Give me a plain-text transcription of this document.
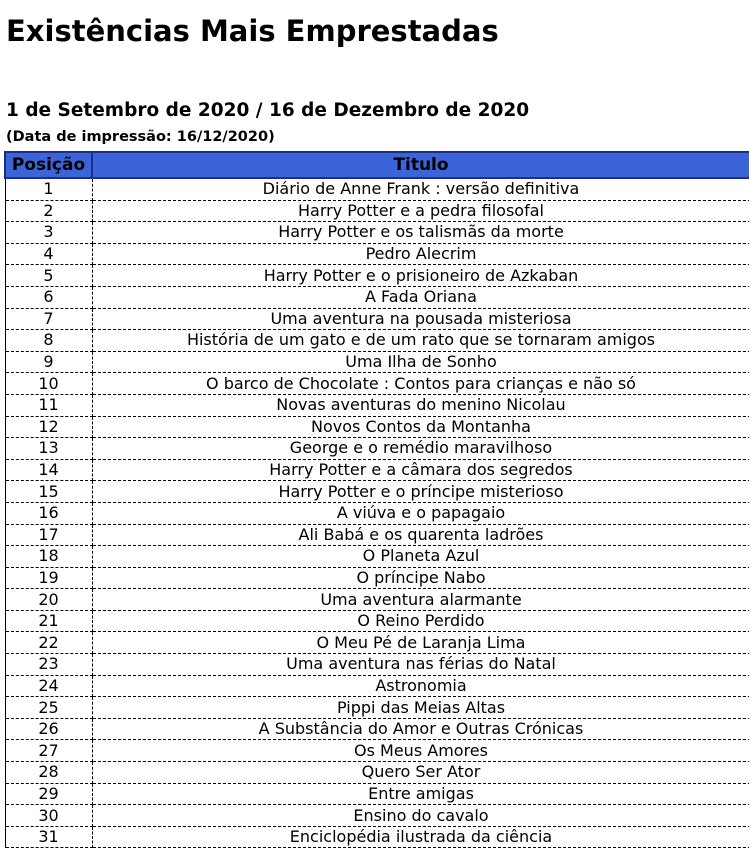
Existências Mais Emprestadas
1 de Setembro de 2020 / 16 de Dezembro de 2020
(Data de impressão: 16/12/2020)
Posição	Titulo
1	Diário de Anne Frank : versão definitiva
2	Harry Potter e a pedra filosofal
3	Harry Potter e os talismãs da morte
4	Pedro Alecrim
5	Harry Potter e o prisioneiro de Azkaban
6	A Fada Oriana
7	Uma aventura na pousada misteriosa
8	História de um gato e de um rato que se tornaram amigos
9	Uma Ilha de Sonho
10	O barco de Chocolate : Contos para crianças e não só
11	Novas aventuras do menino Nicolau
12	Novos Contos da Montanha
13	George e o remédio maravilhoso
14	Harry Potter e a câmara dos segredos
15	Harry Potter e o príncipe misterioso
16	A viúva e o papagaio
17	Ali Babá e os quarenta ladrões
18	O Planeta Azul
19	O príncipe Nabo
20	Uma aventura alarmante
21	O Reino Perdido
22	O Meu Pé de Laranja Lima
23	Uma aventura nas férias do Natal
24	Astronomia
25	Pippi das Meias Altas
26	A Substância do Amor e Outras Crónicas
27	Os Meus Amores
28	Quero Ser Ator
29	Entre amigas
30	Ensino do cavalo
31	Enciclopédia ilustrada da ciência
